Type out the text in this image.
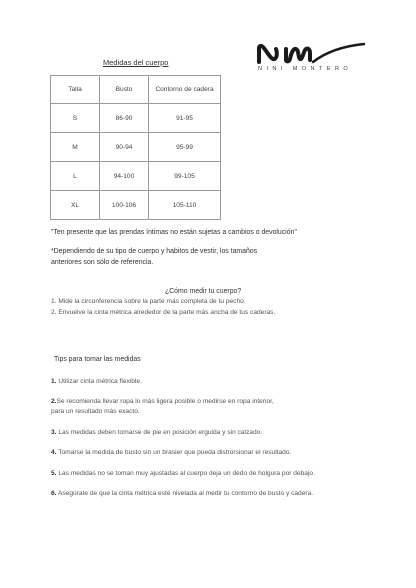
Medidas del cuerpo
NINI MONTERO
Talla	Busto	Contorno de cadera
S	86-90	91-95
M	90-94	95-99
L	94-100	99-105
XL	100-106	105-110
"Ten presente que las prendas íntimas no están sujetas a cambios o devolución"
*Dependiendo de su tipo de cuerpo y habitos de vestir, los tamaños
anteriores son sólo de referencia.
¿Cómo medir tu cuerpo?
1. Mide la circunferencia sobre la parte más completa de tu pecho.
2. Envuelve la cinta métrica alrededor de la parte más ancha de tus caderas.
Tips para tomar las medidas
1. Utilizar cinta métrica flexible.
2.Se recomienda llevar ropa lo más ligera posible o medirse en ropa interior,
para un resultado más exacto.
3. Las medidas deben tomarse de pie en posición erguida y sin calzado.
4. Tomarse la medida de busto sin un brasier que pueda distrorsionar el resultado.
5. Las medidas no se toman muy ajustadas al cuerpo deja un dedo de holgura por debajo.
6. Asegúrate de que la cinta métrica esté nivelada al medir tu contorno de busto y cadera.
